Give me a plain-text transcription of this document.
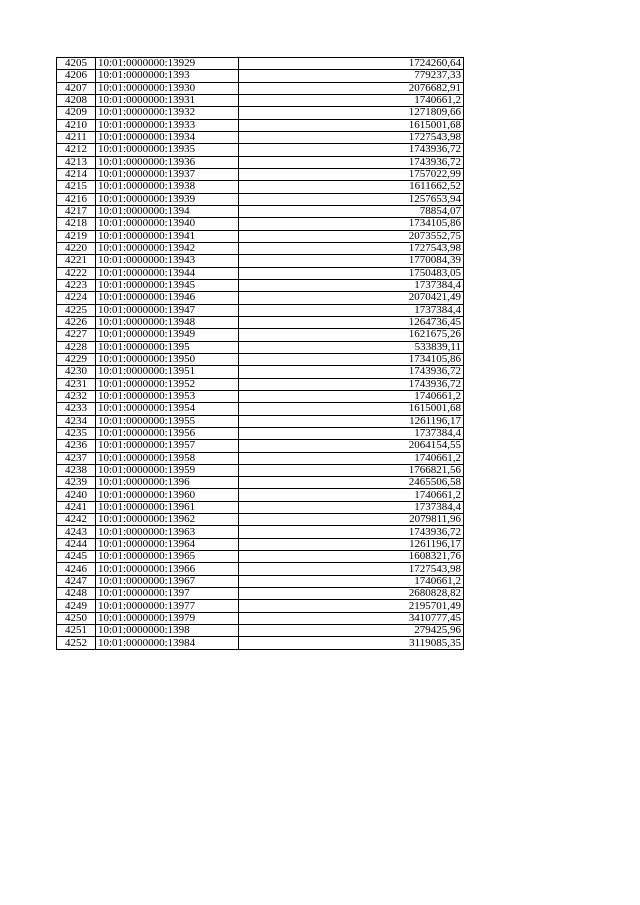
4205	10:01:0000000:13929	1724260,64
4206	10:01:0000000:1393	779237,33
4207	10:01:0000000:13930	2076682,91
4208	10:01:0000000:13931	1740661,2
4209	10:01:0000000:13932	1271809,66
4210	10:01:0000000:13933	1615001,68
4211	10:01:0000000:13934	1727543,98
4212	10:01:0000000:13935	1743936,72
4213	10:01:0000000:13936	1743936,72
4214	10:01:0000000:13937	1757022,99
4215	10:01:0000000:13938	1611662,52
4216	10:01:0000000:13939	1257653,94
4217	10:01:0000000:1394	78854,07
4218	10:01:0000000:13940	1734105,86
4219	10:01:0000000:13941	2073552,75
4220	10:01:0000000:13942	1727543,98
4221	10:01:0000000:13943	1770084,39
4222	10:01:0000000:13944	1750483,05
4223	10:01:0000000:13945	1737384,4
4224	10:01:0000000:13946	2070421,49
4225	10:01:0000000:13947	1737384,4
4226	10:01:0000000:13948	1264736,45
4227	10:01:0000000:13949	1621675,26
4228	10:01:0000000:1395	533839,11
4229	10:01:0000000:13950	1734105,86
4230	10:01:0000000:13951	1743936,72
4231	10:01:0000000:13952	1743936,72
4232	10:01:0000000:13953	1740661,2
4233	10:01:0000000:13954	1615001,68
4234	10:01:0000000:13955	1261196,17
4235	10:01:0000000:13956	1737384,4
4236	10:01:0000000:13957	2064154,55
4237	10:01:0000000:13958	1740661,2
4238	10:01:0000000:13959	1766821,56
4239	10:01:0000000:1396	2465506,58
4240	10:01:0000000:13960	1740661,2
4241	10:01:0000000:13961	1737384,4
4242	10:01:0000000:13962	2079811,96
4243	10:01:0000000:13963	1743936,72
4244	10:01:0000000:13964	1261196,17
4245	10:01:0000000:13965	1608321,76
4246	10:01:0000000:13966	1727543,98
4247	10:01:0000000:13967	1740661,2
4248	10:01:0000000:1397	2680828,82
4249	10:01:0000000:13977	2195701,49
4250	10:01:0000000:13979	3410777,45
4251	10:01:0000000:1398	279425,96
4252	10:01:0000000:13984	3119085,35
